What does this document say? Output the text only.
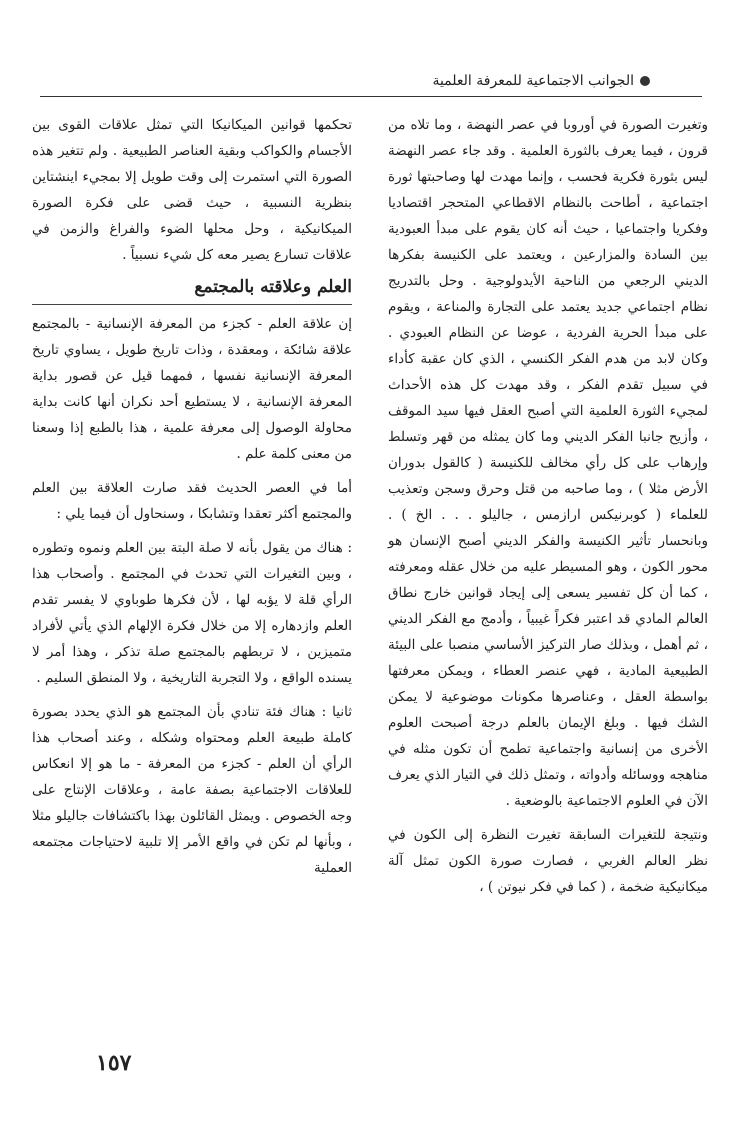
الجوانب الاجتماعية للمعرفة العلمية

وتغيرت الصورة في أوروبا في عصر النهضة ، وما تلاه من قرون ، فيما يعرف بالثورة العلمية . وقد جاء عصر النهضة ليس بثورة فكرية فحسب ، وإنما مهدت لها وصاحبتها ثورة اجتماعية ، أطاحت بالنظام الاقطاعي المتحجر اقتصاديا وفكريا واجتماعيا ، حيث أنه كان يقوم على مبدأ العبودية بين السادة والمزارعين ، ويعتمد على الكنيسة بفكرها الديني الرجعي من الناحية الأيدولوجية . وحل بالتدريج نظام اجتماعي جديد يعتمد على التجارة والمناعة ، ويقوم على مبدأ الحرية الفردية ، عوضا عن النظام العبودي . وكان لابد من هدم الفكر الكنسي ، الذي كان عقبة كأداء في سبيل تقدم الفكر ، وقد مهدت كل هذه الأحداث لمجيء الثورة العلمية التي أصبح العقل فيها سيد الموقف ، وأزيح جانبا الفكر الديني وما كان يمثله من قهر وتسلط وإرهاب على كل رأي مخالف للكنيسة ( كالقول بدوران الأرض مثلا ) ، وما صاحبه من قتل وحرق وسجن وتعذيب للعلماء ( كوبرنيكس ارازمس ، جاليلو . . . الخ ) . وبانحسار تأثير الكنيسة والفكر الديني أصبح الإنسان هو محور الكون ، وهو المسيطر عليه من خلال عقله ومعرفته ، كما أن كل تفسير يسعى إلى إيجاد قوانين خارج نطاق العالم المادي قد اعتبر فكراً غيبياً ، وأدمج مع الفكر الديني ، ثم أهمل ، وبذلك صار التركيز الأساسي منصبا على البيئة الطبيعية المادية ، فهي عنصر العطاء ، ويمكن معرفتها بواسطة العقل ، وعناصرها مكونات موضوعية لا يمكن الشك فيها . وبلغ الإيمان بالعلم درجة أصبحت العلوم الأخرى من إنسانية واجتماعية تطمح أن تكون مثله في مناهجه ووسائله وأدواته ، وتمثل ذلك في التيار الذي يعرف الآن في العلوم الاجتماعية بالوضعية .

ونتيجة للتغيرات السابقة تغيرت النظرة إلى الكون في نظر العالم الغربي ، فصارت صورة الكون تمثل آلة ميكانيكية ضخمة ، ( كما في فكر نيوتن ) ،

تحكمها قوانين الميكانيكا التي تمثل علاقات القوى بين الأجسام والكواكب وبقية العناصر الطبيعية . ولم تتغير هذه الصورة التي استمرت إلى وقت طويل إلا بمجيء اينشتاين بنظرية النسبية ، حيث قضى على فكرة الصورة الميكانيكية ، وحل محلها الضوء والفراغ والزمن في علاقات تسارع يصير معه كل شيء نسبياً .

العلم وعلاقته بالمجتمع

إن علاقة العلم - كجزء من المعرفة الإنسانية - بالمجتمع علاقة شائكة ، ومعقدة ، وذات تاريخ طويل ، يساوي تاريخ المعرفة الإنسانية نفسها ، فمهما قيل عن قصور بداية المعرفة الإنسانية ، لا يستطيع أحد نكران أنها كانت بداية محاولة الوصول إلى معرفة علمية ، هذا بالطبع إذا وسعنا من معنى كلمة علم .

أما في العصر الحديث فقد صارت العلاقة بين العلم والمجتمع أكثر تعقدا وتشابكا ، وسنحاول أن فيما يلي :

: هناك من يقول بأنه لا صلة البتة بين العلم ونموه وتطوره ، وبين التغيرات التي تحدث في المجتمع . وأصحاب هذا الرأي قلة لا يؤبه لها ، لأن فكرها طوباوي لا يفسر تقدم العلم وازدهاره إلا من خلال فكرة الإلهام الذي يأتي لأفراد متميزين ، لا تربطهم بالمجتمع صلة تذكر ، وهذا أمر لا يسنده الواقع ، ولا التجربة التاريخية ، ولا المنطق السليم .

ثانيا : هناك فئة تنادي بأن المجتمع هو الذي يحدد بصورة كاملة طبيعة العلم ومحتواه وشكله ، وعند أصحاب هذا الرأي أن العلم - كجزء من المعرفة - ما هو إلا انعكاس للعلاقات الاجتماعية بصفة عامة ، وعلاقات الإنتاج على وجه الخصوص . ويمثل القائلون بهذا باكتشافات جاليلو مثلا ، وبأنها لم تكن في واقع الأمر إلا تلبية لاحتياجات مجتمعه العملية

١٥٧
